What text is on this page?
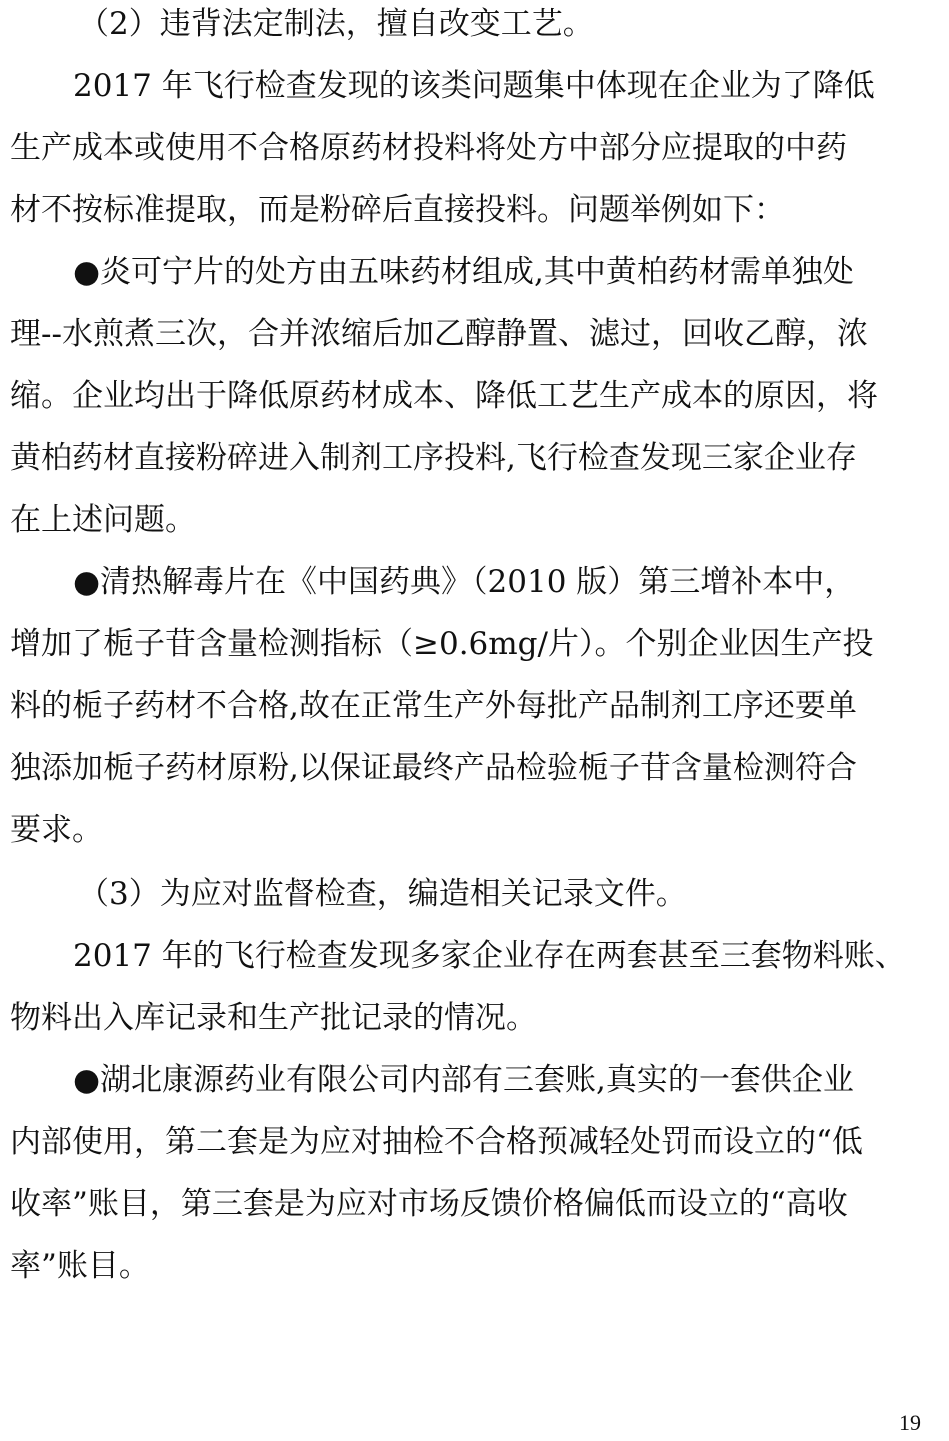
（2）违背法定制法，擅自改变工艺。
2017 年飞行检查发现的该类问题集中体现在企业为了降低
生产成本或使用不合格原药材投料将处方中部分应提取的中药
材不按标准提取，而是粉碎后直接投料。问题举例如下：
●炎可宁片的处方由五味药材组成,其中黄柏药材需单独处
理--水煎煮三次，合并浓缩后加乙醇静置、滤过，回收乙醇，浓
缩。企业均出于降低原药材成本、降低工艺生产成本的原因，将
黄柏药材直接粉碎进入制剂工序投料,飞行检查发现三家企业存
在上述问题。
●清热解毒片在《中国药典》（2010 版）第三增补本中，
增加了栀子苷含量检测指标（≥0.6mg/片）。个别企业因生产投
料的栀子药材不合格,故在正常生产外每批产品制剂工序还要单
独添加栀子药材原粉,以保证最终产品检验栀子苷含量检测符合
要求。
（3）为应对监督检查，编造相关记录文件。
2017 年的飞行检查发现多家企业存在两套甚至三套物料账、
物料出入库记录和生产批记录的情况。
●湖北康源药业有限公司内部有三套账,真实的一套供企业
内部使用，第二套是为应对抽检不合格预减轻处罚而设立的“低
收率”账目，第三套是为应对市场反馈价格偏低而设立的“高收
率”账目。
19
